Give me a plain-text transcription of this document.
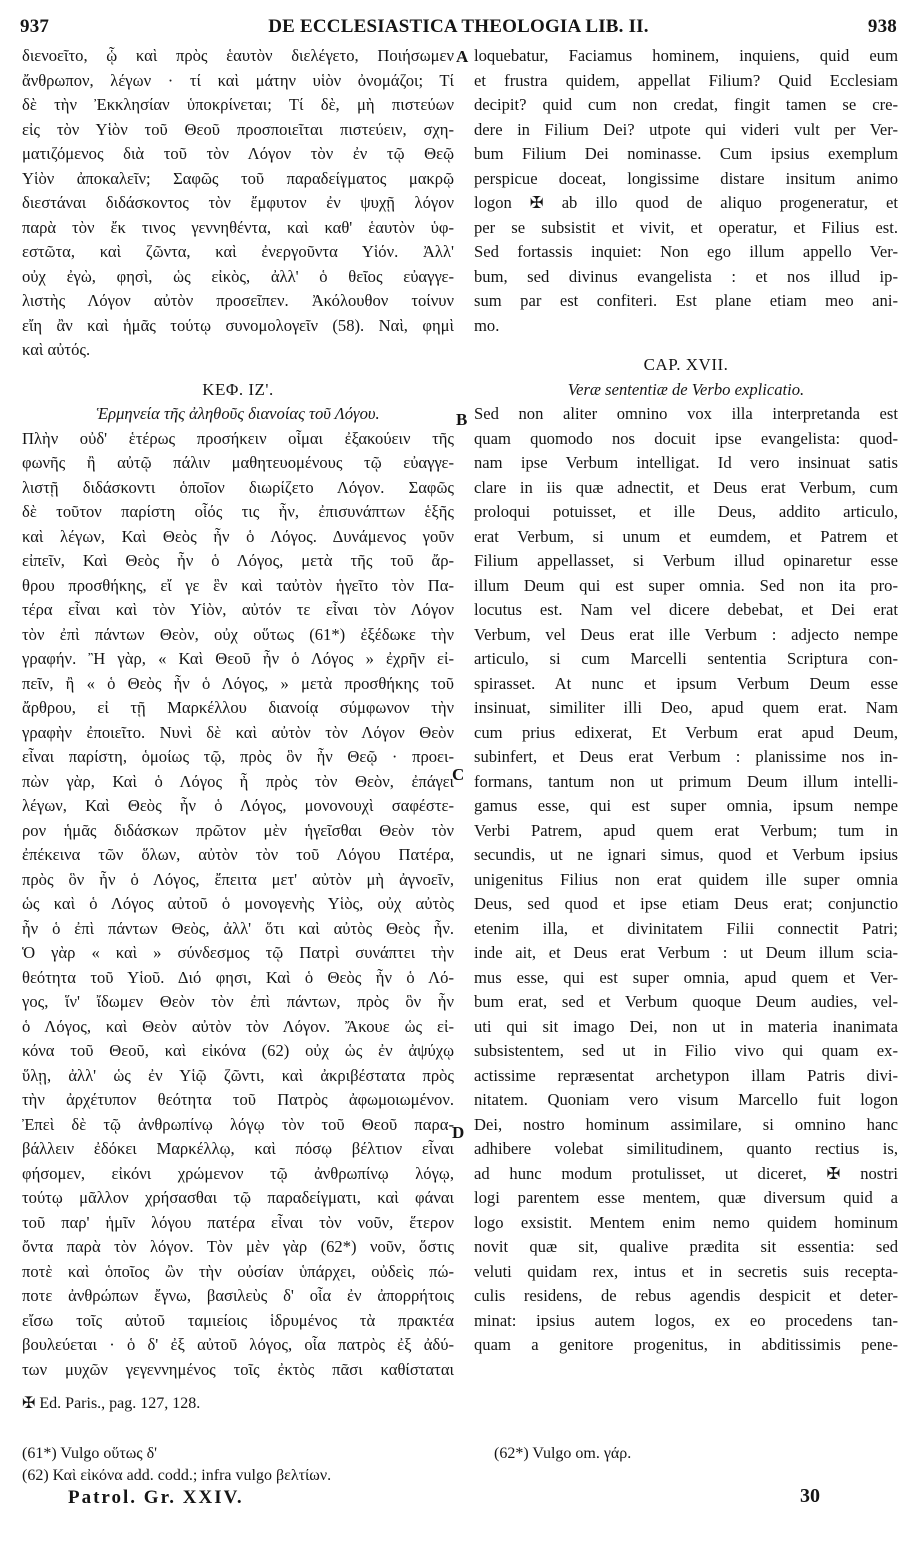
937	DE ECCLESIASTICA THEOLOGIA LIB. II.	938
διενοεῖτο, ᾧ καὶ πρὸς ἑαυτὸν διελέγετο, Ποιήσωμεν
ἄνθρωπον, λέγων · τί καὶ μάτην υἱὸν ὀνομάζοι; Τί
δὲ τὴν Ἐκκλησίαν ὑποκρίνεται; Τί δὲ, μὴ πιστεύων
εἰς τὸν Υἱὸν τοῦ Θεοῦ προσποιεῖται πιστεύειν, σχη-
ματιζόμενος διὰ τοῦ τὸν Λόγον τὸν ἐν τῷ Θεῷ
Υἱὸν ἀποκαλεῖν; Σαφῶς τοῦ παραδείγματος μακρῷ
διεστάναι διδάσκοντος τὸν ἔμφυτον ἐν ψυχῇ λόγον
παρὰ τὸν ἔκ τινος γεννηθέντα, καὶ καθ' ἑαυτὸν ὑφ-
εστῶτα, καὶ ζῶντα, καὶ ἐνεργοῦντα Υἱόν. Ἀλλ'
οὐχ ἐγὼ, φησὶ, ὡς εἰκὸς, ἀλλ' ὁ θεῖος εὐαγγε-
λιστὴς Λόγον αὐτὸν προσεῖπεν. Ἀκόλουθον τοίνυν
εἴη ἂν καὶ ἡμᾶς τούτῳ συνομολογεῖν (58). Ναὶ, φημὶ
καὶ αὐτός.
ΚΕΦ. ΙΖ'.
Ἑρμηνεία τῆς ἀληθοῦς διανοίας τοῦ Λόγου.
Πλὴν οὐδ' ἑτέρως προσήκειν οἶμαι ἐξακούειν τῆς
φωνῆς ἢ αὐτῷ πάλιν μαθητευομένους τῷ εὐαγγε-
λιστῇ διδάσκοντι ὁποῖον διωρίζετο Λόγον. Σαφῶς
δὲ τοῦτον παρίστη οἷός τις ἦν, ἐπισυνάπτων ἑξῆς
καὶ λέγων, Καὶ Θεὸς ἦν ὁ Λόγος. Δυνάμενος γοῦν
εἰπεῖν, Καὶ Θεὸς ἦν ὁ Λόγος, μετὰ τῆς τοῦ ἄρ-
θρου προσθήκης, εἴ γε ἓν καὶ ταὐτὸν ἡγεῖτο τὸν Πα-
τέρα εἶναι καὶ τὸν Υἱὸν, αὐτόν τε εἶναι τὸν Λόγον
τὸν ἐπὶ πάντων Θεὸν, οὐχ οὕτως (61*) ἐξέδωκε τὴν
γραφήν. Ἢ γὰρ, « Καὶ Θεοῦ ἦν ὁ Λόγος » ἐχρῆν εἰ-
πεῖν, ἢ « ὁ Θεὸς ἦν ὁ Λόγος, » μετὰ προσθήκης τοῦ
ἄρθρου, εἰ τῇ Μαρκέλλου διανοίᾳ σύμφωνον τὴν
γραφὴν ἐποιεῖτο. Νυνὶ δὲ καὶ αὐτὸν τὸν Λόγον Θεὸν
εἶναι παρίστη, ὁμοίως τῷ, πρὸς ὃν ἦν Θεῷ · προει-
πὼν γὰρ, Καὶ ὁ Λόγος ἦ πρὸς τὸν Θεὸν, ἐπάγει
λέγων, Καὶ Θεὸς ἦν ὁ Λόγος, μονονουχὶ σαφέστε-
ρον ἡμᾶς διδάσκων πρῶτον μὲν ἡγεῖσθαι Θεὸν τὸν
ἐπέκεινα τῶν ὅλων, αὐτὸν τὸν τοῦ Λόγου Πατέρα,
πρὸς ὃν ἦν ὁ Λόγος, ἔπειτα μετ' αὐτὸν μὴ ἀγνοεῖν,
ὡς καὶ ὁ Λόγος αὐτοῦ ὁ μονογενὴς Υἱὸς, οὐχ αὐτὸς
ἦν ὁ ἐπὶ πάντων Θεὸς, ἀλλ' ὅτι καὶ αὐτὸς Θεὸς ἦν.
Ὁ γὰρ « καὶ » σύνδεσμος τῷ Πατρὶ συνάπτει τὴν
θεότητα τοῦ Υἱοῦ. Διό φησι, Καὶ ὁ Θεὸς ἦν ὁ Λό-
γος, ἵν' ἴδωμεν Θεὸν τὸν ἐπὶ πάντων, πρὸς ὃν ἦν
ὁ Λόγος, καὶ Θεὸν αὐτὸν τὸν Λόγον. Ἄκουε ὡς εἰ-
κόνα τοῦ Θεοῦ, καὶ εἰκόνα (62) οὐχ ὡς ἐν ἀψύχῳ
ὕλῃ, ἀλλ' ὡς ἐν Υἱῷ ζῶντι, καὶ ἀκριβέστατα πρὸς
τὴν ἀρχέτυπον θεότητα τοῦ Πατρὸς ἀφωμοιωμένον.
Ἐπεὶ δὲ τῷ ἀνθρωπίνῳ λόγῳ τὸν τοῦ Θεοῦ παρα-
βάλλειν ἐδόκει Μαρκέλλῳ, καὶ πόσῳ βέλτιον εἶναι
φήσομεν, εἰκόνι χρώμενον τῷ ἀνθρωπίνῳ λόγῳ,
τούτῳ μᾶλλον χρήσασθαι τῷ παραδείγματι, καὶ φάναι
τοῦ παρ' ἡμῖν λόγου πατέρα εἶναι τὸν νοῦν, ἕτερον
ὄντα παρὰ τὸν λόγον. Τὸν μὲν γὰρ (62*) νοῦν, ὅστις
ποτὲ καὶ ὁποῖος ὢν τὴν οὐσίαν ὑπάρχει, οὐδεὶς πώ-
ποτε ἀνθρώπων ἔγνω, βασιλεὺς δ' οἷα ἐν ἀπορρήτοις
εἴσω τοῖς αὐτοῦ ταμιείοις ἱδρυμένος τὰ πρακτέα
βουλεύεται · ὁ δ' ἐξ αὐτοῦ λόγος, οἷα πατρὸς ἐξ ἀδύ-
των μυχῶν γεγεννημένος τοῖς ἐκτὸς πᾶσι καθίσταται
loquebatur, Faciamus hominem, inquiens, quid eum
et frustra quidem, appellat Filium? Quid Ecclesiam
decipit? quid cum non credat, fingit tamen se cre-
dere in Filium Dei? utpote qui videri vult per Ver-
bum Filium Dei nominasse. Cum ipsius exemplum
perspicue doceat, longissime distare insitum animo
logon ✠ ab illo quod de aliquo progeneratur, et
per se subsistit et vivit, et operatur, et Filius est.
Sed fortassis inquiet: Non ego illum appello Ver-
bum, sed divinus evangelista : et nos illud ip-
sum par est confiteri. Est plane etiam meo ani-
mo.
CAP. XVII.
Veræ sententiæ de Verbo explicatio.
Sed non aliter omnino vox illa interpretanda est
quam quomodo nos docuit ipse evangelista: quod-
nam ipse Verbum intelligat. Id vero insinuat satis
clare in iis quæ adnectit, et Deus erat Verbum, cum
proloqui potuisset, et ille Deus, addito articulo,
erat Verbum, si unum et eumdem, et Patrem et
Filium appellasset, si Verbum illud opinaretur esse
illum Deum qui est super omnia. Sed non ita pro-
locutus est. Nam vel dicere debebat, et Dei erat
Verbum, vel Deus erat ille Verbum : adjecto nempe
articulo, si cum Marcelli sententia Scriptura con-
spirasset. At nunc et ipsum Verbum Deum esse
insinuat, similiter illi Deo, apud quem erat. Nam
cum prius edixerat, Et Verbum erat apud Deum,
subinfert, et Deus erat Verbum : planissime nos in-
formans, tantum non ut primum Deum illum intelli-
gamus esse, qui est super omnia, ipsum nempe
Verbi Patrem, apud quem erat Verbum; tum in
secundis, ut ne ignari simus, quod et Verbum ipsius
unigenitus Filius non erat quidem ille super omnia
Deus, sed quod et ipse etiam Deus erat; conjunctio
etenim illa, et divinitatem Filii connectit Patri;
inde ait, et Deus erat Verbum : ut Deum illum scia-
mus esse, qui est super omnia, apud quem et Ver-
bum erat, sed et Verbum quoque Deum audies, vel-
uti qui sit imago Dei, non ut in materia inanimata
subsistentem, sed ut in Filio vivo qui quam ex-
actissime repræsentat archetypon illam Patris divi-
nitatem. Quoniam vero visum Marcello fuit logon
Dei, nostro hominum assimilare, si omnino hanc
adhibere volebat similitudinem, quanto rectius is,
ad hunc modum protulisset, ut diceret, ✠ nostri
logi parentem esse mentem, quæ diversum quid a
logo exsistit. Mentem enim nemo quidem hominum
novit quæ sit, qualive prædita sit essentia: sed
veluti quidam rex, intus et in secretis suis recepta-
culis residens, de rebus agendis despicit et deter-
minat: ipsius autem logos, ex eo procedens tan-
quam a genitore progenitus, in abditissimis pene-
A
B
C
D
✠ Ed. Paris., pag. 127, 128.
(61*) Vulgo οὕτως δ'
(62) Καὶ εἰκόνα add. codd.; infra vulgo βελτίων.
(62*) Vulgo om. γάρ.
Patrol. Gr. XXIV.	30
